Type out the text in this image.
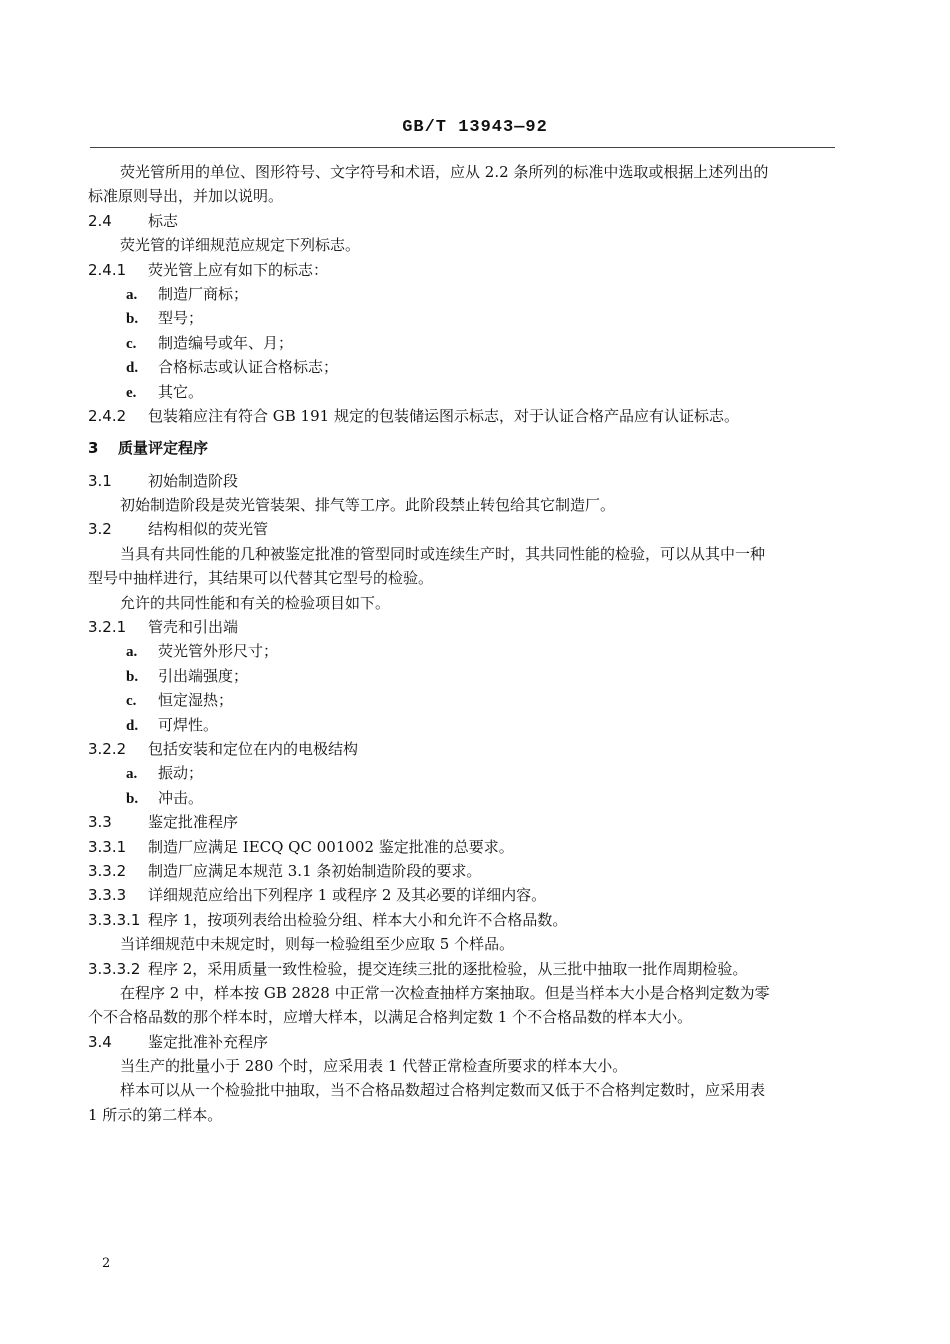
GB/T 13943—92
荧光管所用的单位、图形符号、文字符号和术语，应从 2.2 条所列的标准中选取或根据上述列出的
标准原则导出，并加以说明。
2.4 标志
荧光管的详细规范应规定下列标志。
2.4.1 荧光管上应有如下的标志：
a. 制造厂商标；
b. 型号；
c. 制造编号或年、月；
d. 合格标志或认证合格标志；
e. 其它。
2.4.2 包装箱应注有符合 GB 191 规定的包装储运图示标志，对于认证合格产品应有认证标志。
3 质量评定程序
3.1 初始制造阶段
初始制造阶段是荧光管装架、排气等工序。此阶段禁止转包给其它制造厂。
3.2 结构相似的荧光管
当具有共同性能的几种被鉴定批准的管型同时或连续生产时，其共同性能的检验，可以从其中一种
型号中抽样进行，其结果可以代替其它型号的检验。
允许的共同性能和有关的检验项目如下。
3.2.1 管壳和引出端
a. 荧光管外形尺寸；
b. 引出端强度；
c. 恒定湿热；
d. 可焊性。
3.2.2 包括安装和定位在内的电极结构
a. 振动；
b. 冲击。
3.3 鉴定批准程序
3.3.1 制造厂应满足 IECQ QC 001002 鉴定批准的总要求。
3.3.2 制造厂应满足本规范 3.1 条初始制造阶段的要求。
3.3.3 详细规范应给出下列程序 1 或程序 2 及其必要的详细内容。
3.3.3.1 程序 1，按项列表给出检验分组、样本大小和允许不合格品数。
当详细规范中未规定时，则每一检验组至少应取 5 个样品。
3.3.3.2 程序 2，采用质量一致性检验，提交连续三批的逐批检验，从三批中抽取一批作周期检验。
在程序 2 中，样本按 GB 2828 中正常一次检查抽样方案抽取。但是当样本大小是合格判定数为零
个不合格品数的那个样本时，应增大样本，以满足合格判定数 1 个不合格品数的样本大小。
3.4 鉴定批准补充程序
当生产的批量小于 280 个时，应采用表 1 代替正常检查所要求的样本大小。
样本可以从一个检验批中抽取，当不合格品数超过合格判定数而又低于不合格判定数时，应采用表
1 所示的第二样本。
2
